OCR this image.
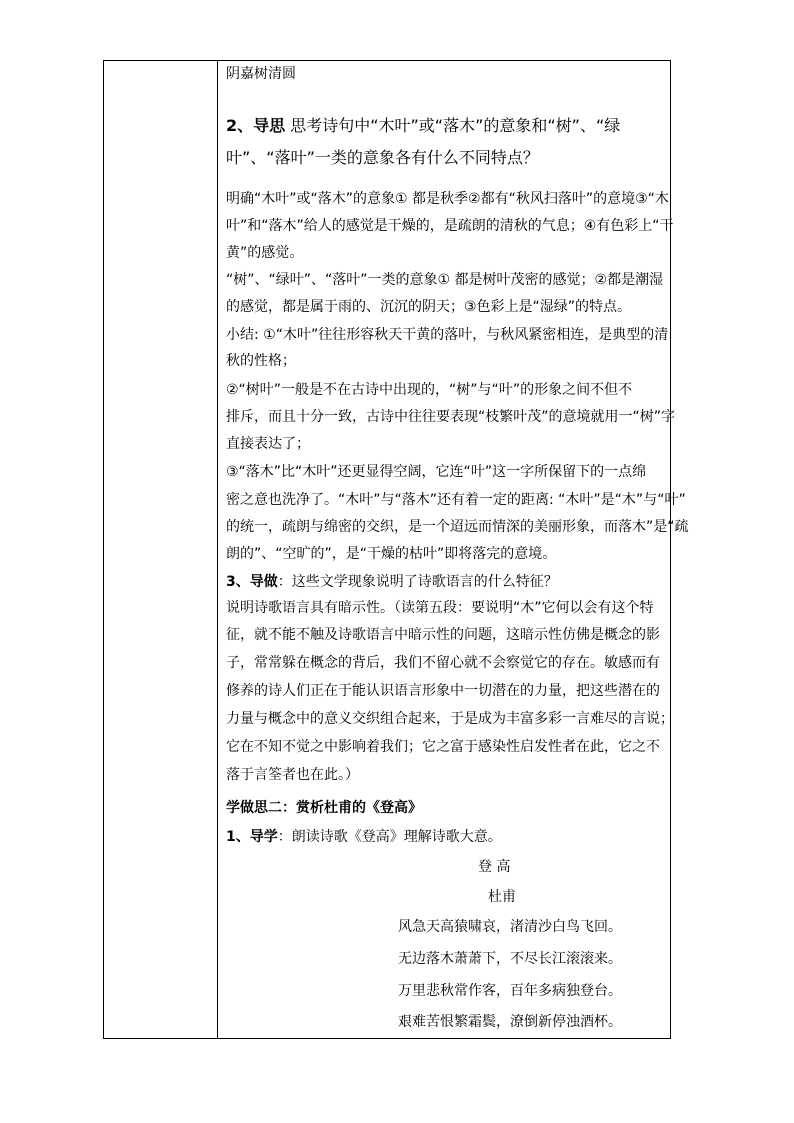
阴嘉树清圆
2、导思 思考诗句中“木叶”或“落木”的意象和“树”、“绿
叶”、“落叶”一类的意象各有什么不同特点？
明确“木叶”或“落木”的意象① 都是秋季②都有“秋风扫落叶”的意境③“木
叶”和“落木”给人的感觉是干燥的，是疏朗的清秋的气息；④有色彩上“干
黄”的感觉。
“树”、“绿叶”、“落叶”一类的意象① 都是树叶茂密的感觉；②都是潮湿
的感觉，都是属于雨的、沉沉的阴天；③色彩上是“湿绿”的特点。
小结: ①“木叶”往往形容秋天干黄的落叶，与秋风紧密相连，是典型的清
秋的性格；
②“树叶”一般是不在古诗中出现的，“树”与“叶”的形象之间不但不
排斥，而且十分一致，古诗中往往要表现“枝繁叶茂”的意境就用一“树”字
直接表达了；
③“落木”比“木叶”还更显得空阔，它连“叶”这一字所保留下的一点绵
密之意也洗净了。“木叶”与“落木”还有着一定的距离: “木叶”是“木”与“叶”
的统一，疏朗与绵密的交织，是一个迢远而情深的美丽形象，而落木”是“疏
朗的”、“空旷的”，是“干燥的枯叶”即将落完的意境。
3、导做：这些文学现象说明了诗歌语言的什么特征？
说明诗歌语言具有暗示性。（读第五段：要说明“木”它何以会有这个特
征，就不能不触及诗歌语言中暗示性的问题，这暗示性仿佛是概念的影
子，常常躲在概念的背后，我们不留心就不会察觉它的存在。敏感而有
修养的诗人们正在于能认识语言形象中一切潜在的力量，把这些潜在的
力量与概念中的意义交织组合起来，于是成为丰富多彩一言难尽的言说；
它在不知不觉之中影响着我们；它之富于感染性启发性者在此，它之不
落于言筌者也在此。）
学做思二：赏析杜甫的《登高》
1、导学：朗读诗歌《登高》理解诗歌大意。
登 高
杜甫
风急天高猿啸哀，渚清沙白鸟飞回。
无边落木萧萧下，不尽长江滚滚来。
万里悲秋常作客，百年多病独登台。
艰难苦恨繁霜鬓，潦倒新停浊酒杯。
